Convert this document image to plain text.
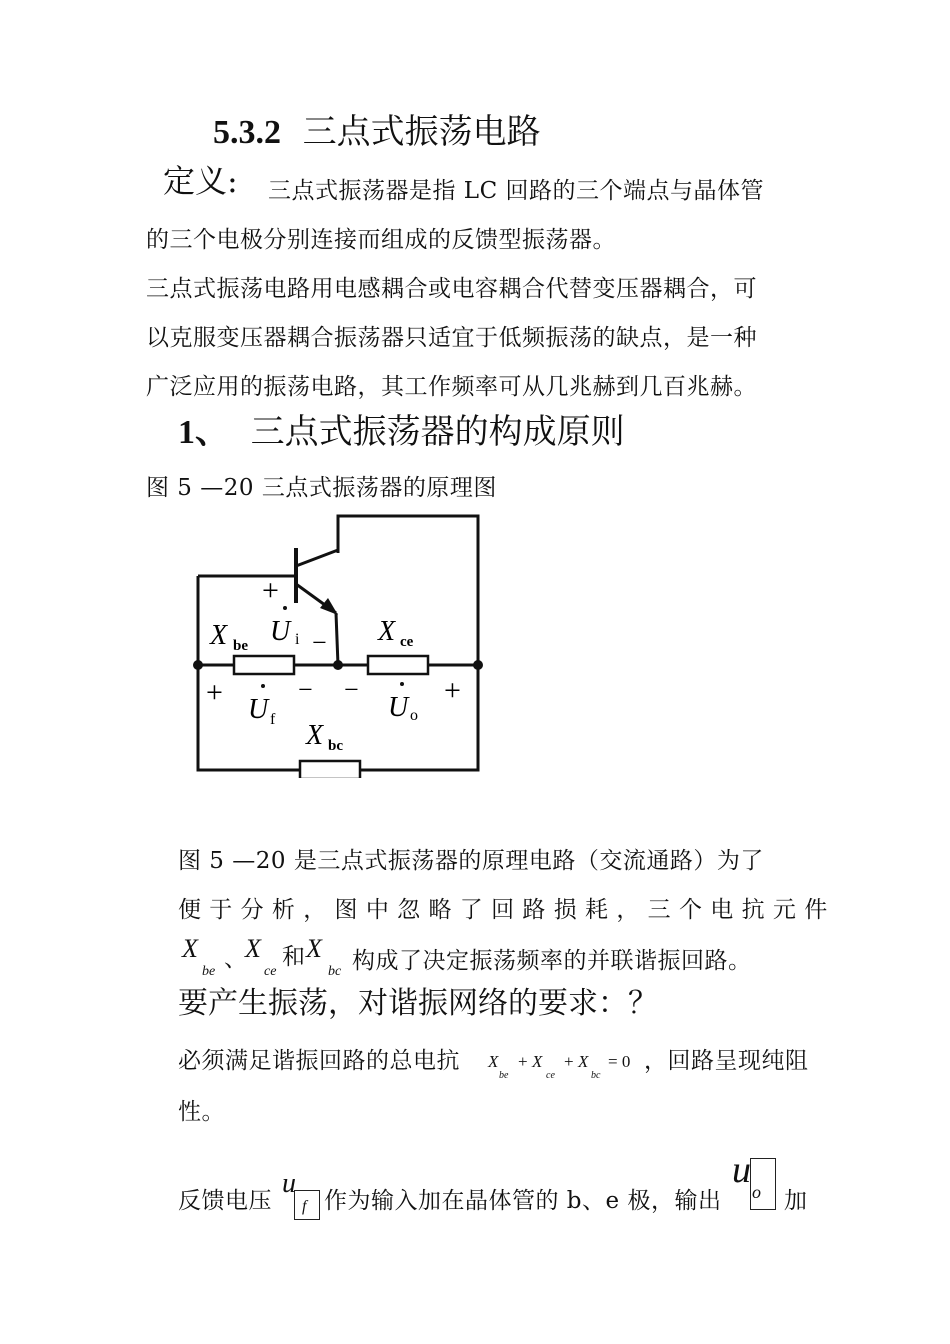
5.3.2 三点式振荡电路
定义: 三点式振荡器是指 LC 回路的三个端点与晶体管
的三个电极分别连接而组成的反馈型振荡器。
三点式振荡电路用电感耦合或电容耦合代替变压器耦合，可
以克服变压器耦合振荡器只适宜于低频振荡的缺点，是一种
广泛应用的振荡电路，其工作频率可从几兆赫到几百兆赫。
1、 三点式振荡器的构成原则
图 5 —20 三点式振荡器的原理图
+
X be U i − X ce
+
U f
− −
U o
+
X bc
图 5 —20 是三点式振荡器的原理电路（交流通路）为了
便 于 分 析 ， 图 中 忽 略 了 回 路 损 耗 ， 三 个 电 抗 元 件
X
be 、
X
ce
和 X
bc 构成了决定振荡频率的并联谐振回路。
要产生振荡，对谐振网络的要求：？
必须满足谐振回路的总电抗 X
be
+ X
ce
+ X
bc
= 0 ，回路呈现纯阻
性。
反馈电压
u
f 作为输入加在晶体管的 b、e 极，输出
u
o 加
